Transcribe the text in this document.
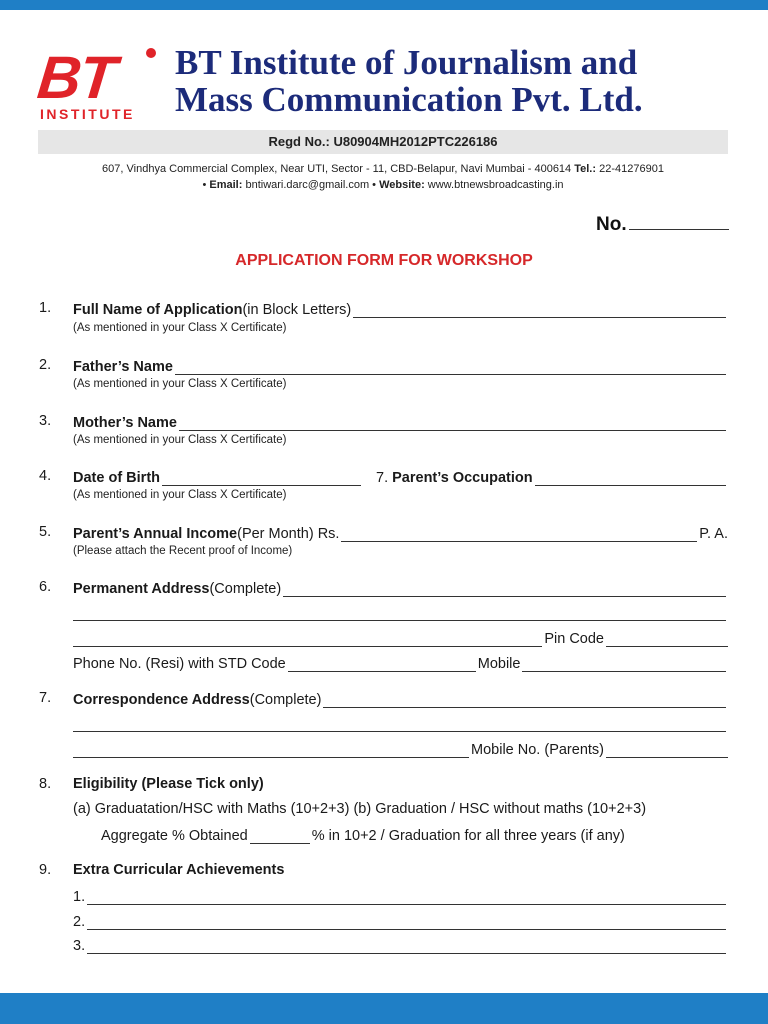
BT
INSTITUTE
BT Institute of Journalism and
Mass Communication Pvt. Ltd.
Regd No.: U80904MH2012PTC226186
607, Vindhya Commercial Complex, Near UTI, Sector - 11, CBD-Belapur, Navi Mumbai - 400614 Tel.: 22-41276901
• Email: bntiwari.darc@gmail.com • Website: www.btnewsbroadcasting.in
No.
APPLICATION FORM FOR WORKSHOP
1. Full Name of Application (in Block Letters)
(As mentioned in your Class X Certificate)
2. Father’s Name
(As mentioned in your Class X Certificate)
3. Mother’s Name
(As mentioned in your Class X Certificate)
4. Date of Birth	7.
Parent’s Occupation
(As mentioned in your Class X Certificate)
5. Parent’s Annual Income (Per Month) Rs.	P. A.
(Please attach the Recent proof of Income)
6. Permanent Address (Complete)
Pin Code
Phone No. (Resi) with STD Code	Mobile
7. Correspondence Address (Complete)
Mobile No. (Parents)
8. Eligibility (Please Tick only)
(a) Graduatation/HSC with Maths (10+2+3) (b) Graduation / HSC without maths (10+2+3)
Aggregate % Obtained	% in 10+2 / Graduation for all three years (if any)
9. Extra Curricular Achievements
1.
2.
3.
